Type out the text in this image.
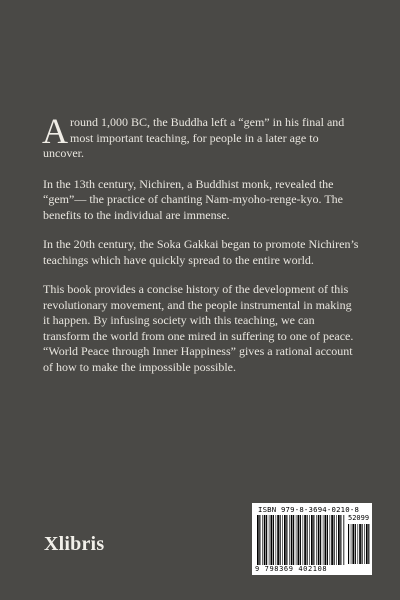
Around 1,000 BC, the Buddha left a “gem” in his final and most important teaching, for people in a later age to uncover.

In the 13th century, Nichiren, a Buddhist monk, revealed the “gem”— the practice of chanting Nam-myoho-renge-kyo. The benefits to the individual are immense.

In the 20th century, the Soka Gakkai began to promote Nichiren’s teachings which have quickly spread to the entire world.

This book provides a concise history of the development of this revolutionary movement, and the people instrumental in making it happen. By infusing society with this teaching, we can transform the world from one mired in suffering to one of peace. “World Peace through Inner Happiness” gives a rational account of how to make the impossible possible.

Xlibris
ISBN 979-8-3694-0210-8
52099
9 798369 402108
